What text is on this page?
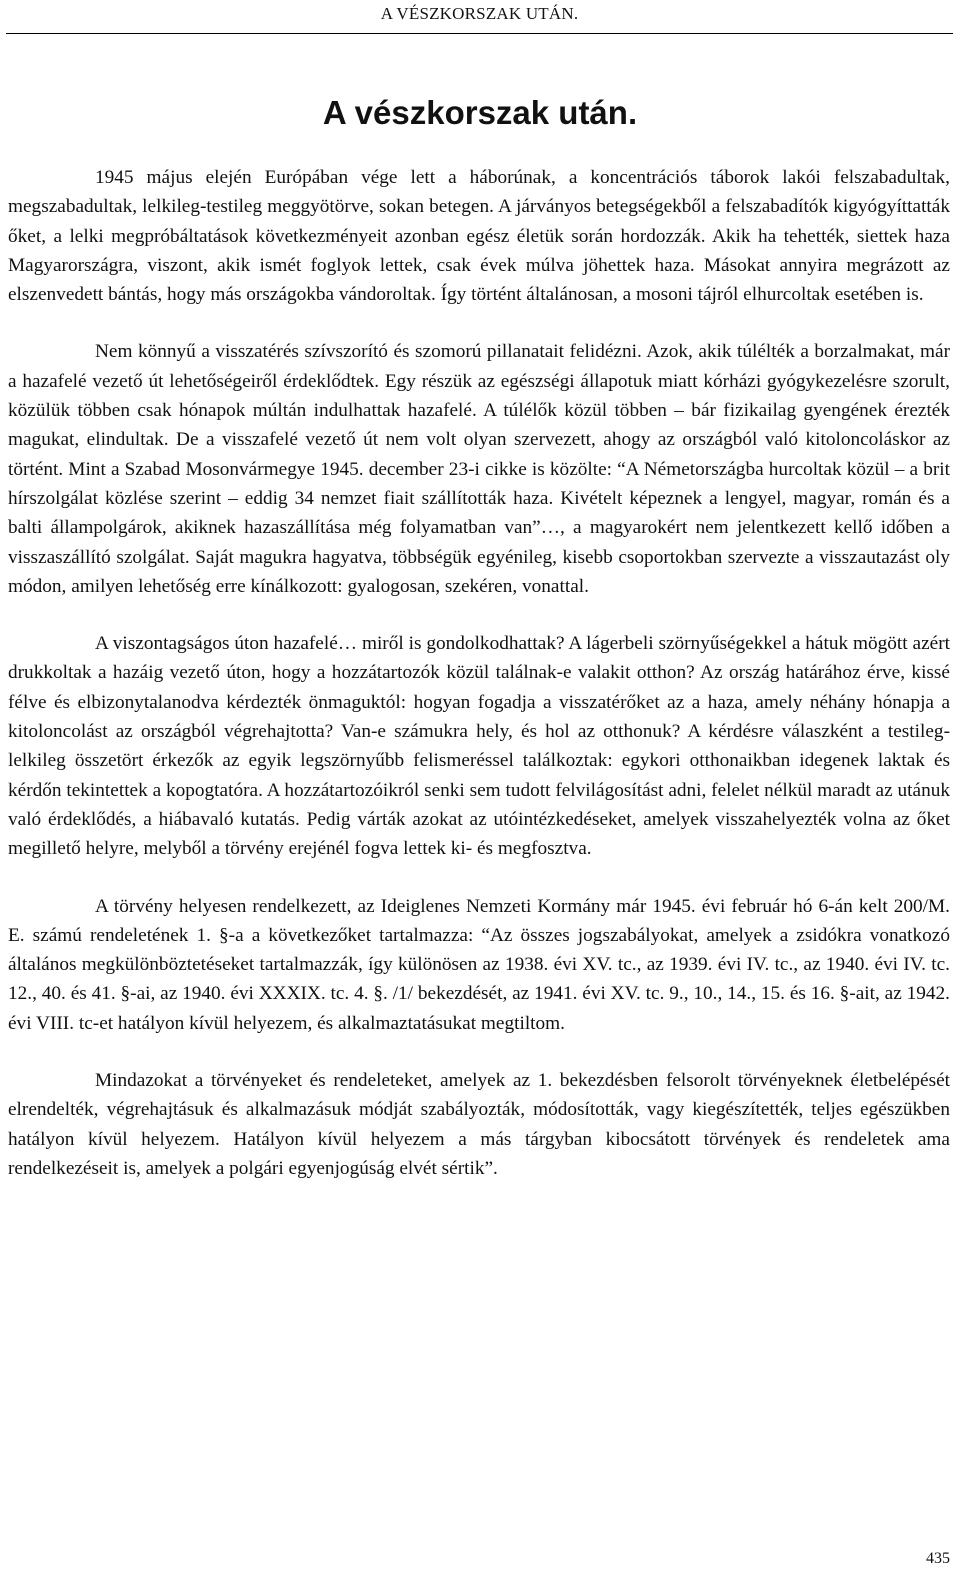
A VÉSZKORSZAK UTÁN.
A vészkorszak után.

1945 május elején Európában vége lett a háborúnak, a koncentrációs táborok lakói felszabadultak, megszabadultak, lelkileg-testileg meggyötörve, sokan betegen. A járványos betegségekből a felszabadítók kigyógyíttatták őket, a lelki megpróbáltatások következményeit azonban egész életük során hordozzák. Akik ha tehették, siettek haza Magyarországra, viszont, akik ismét foglyok lettek, csak évek múlva jöhettek haza. Másokat annyira megrázott az elszenvedett bántás, hogy más országokba vándoroltak. Így történt általánosan, a mosoni tájról elhurcoltak esetében is.

Nem könnyű a visszatérés szívszorító és szomorú pillanatait felidézni. Azok, akik túlélték a borzalmakat, már a hazafelé vezető út lehetőségeiről érdeklődtek. Egy részük az egészségi állapotuk miatt kórházi gyógykezelésre szorult, közülük többen csak hónapok múltán indulhattak hazafelé. A túlélők közül többen – bár fizikailag gyengének érezték magukat, elindultak. De a visszafelé vezető út nem volt olyan szervezett, ahogy az országból való kitoloncoláskor az történt. Mint a Szabad Mosonvármegye 1945. december 23-i cikke is közölte: “A Németországba hurcoltak közül – a brit hírszolgálat közlése szerint – eddig 34 nemzet fiait szállították haza. Kivételt képeznek a lengyel, magyar, román és a balti állampolgárok, akiknek hazaszállítása még folyamatban van”…, a magyarokért nem jelentkezett kellő időben a visszaszállító szolgálat. Saját magukra hagyatva, többségük egyénileg, kisebb csoportokban szervezte a visszautazást oly módon, amilyen lehetőség erre kínálkozott: gyalogosan, szekéren, vonattal.

A viszontagságos úton hazafelé… miről is gondolkodhattak? A lágerbeli szörnyűségekkel a hátuk mögött azért drukkoltak a hazáig vezető úton, hogy a hozzátartozók közül találnak-e valakit otthon? Az ország határához érve, kissé félve és elbizonytalanodva kérdezték önmaguktól: hogyan fogadja a visszatérőket az a haza, amely néhány hónapja a kitoloncolást az országból végrehajtotta? Van-e számukra hely, és hol az otthonuk? A kérdésre válaszként a testileg- lelkileg összetört érkezők az egyik legszörnyűbb felismeréssel találkoztak: egykori otthonaikban idegenek laktak és kérdőn tekintettek a kopogtatóra. A hozzátartozóikról senki sem tudott felvilágosítást adni, felelet nélkül maradt az utánuk való érdeklődés, a hiábavaló kutatás. Pedig várták azokat az utóintézkedéseket, amelyek visszahelyezték volna az őket megillető helyre, melyből a törvény erejénél fogva lettek ki- és megfosztva.

A törvény helyesen rendelkezett, az Ideiglenes Nemzeti Kormány már 1945. évi február hó 6-án kelt 200/M. E. számú rendeletének 1. §-a a következőket tartalmazza: “Az összes jogszabályokat, amelyek a zsidókra vonatkozó általános megkülönböztetéseket tartalmazzák, így különösen az 1938. évi XV. tc., az 1939. évi IV. tc., az 1940. évi IV. tc. 12., 40. és 41. §-ai, az 1940. évi XXXIX. tc. 4. §. /1/ bekezdését, az 1941. évi XV. tc. 9., 10., 14., 15. és 16. §-ait, az 1942. évi VIII. tc-et hatályon kívül helyezem, és alkalmaztatásukat megtiltom.

Mindazokat a törvényeket és rendeleteket, amelyek az 1. bekezdésben felsorolt törvényeknek életbelépését elrendelték, végrehajtásuk és alkalmazásuk módját szabályozták, módosították, vagy kiegészítették, teljes egészükben hatályon kívül helyezem. Hatályon kívül helyezem a más tárgyban kibocsátott törvények és rendeletek ama rendelkezéseit is, amelyek a polgári egyenjogúság elvét sértik”.

435
